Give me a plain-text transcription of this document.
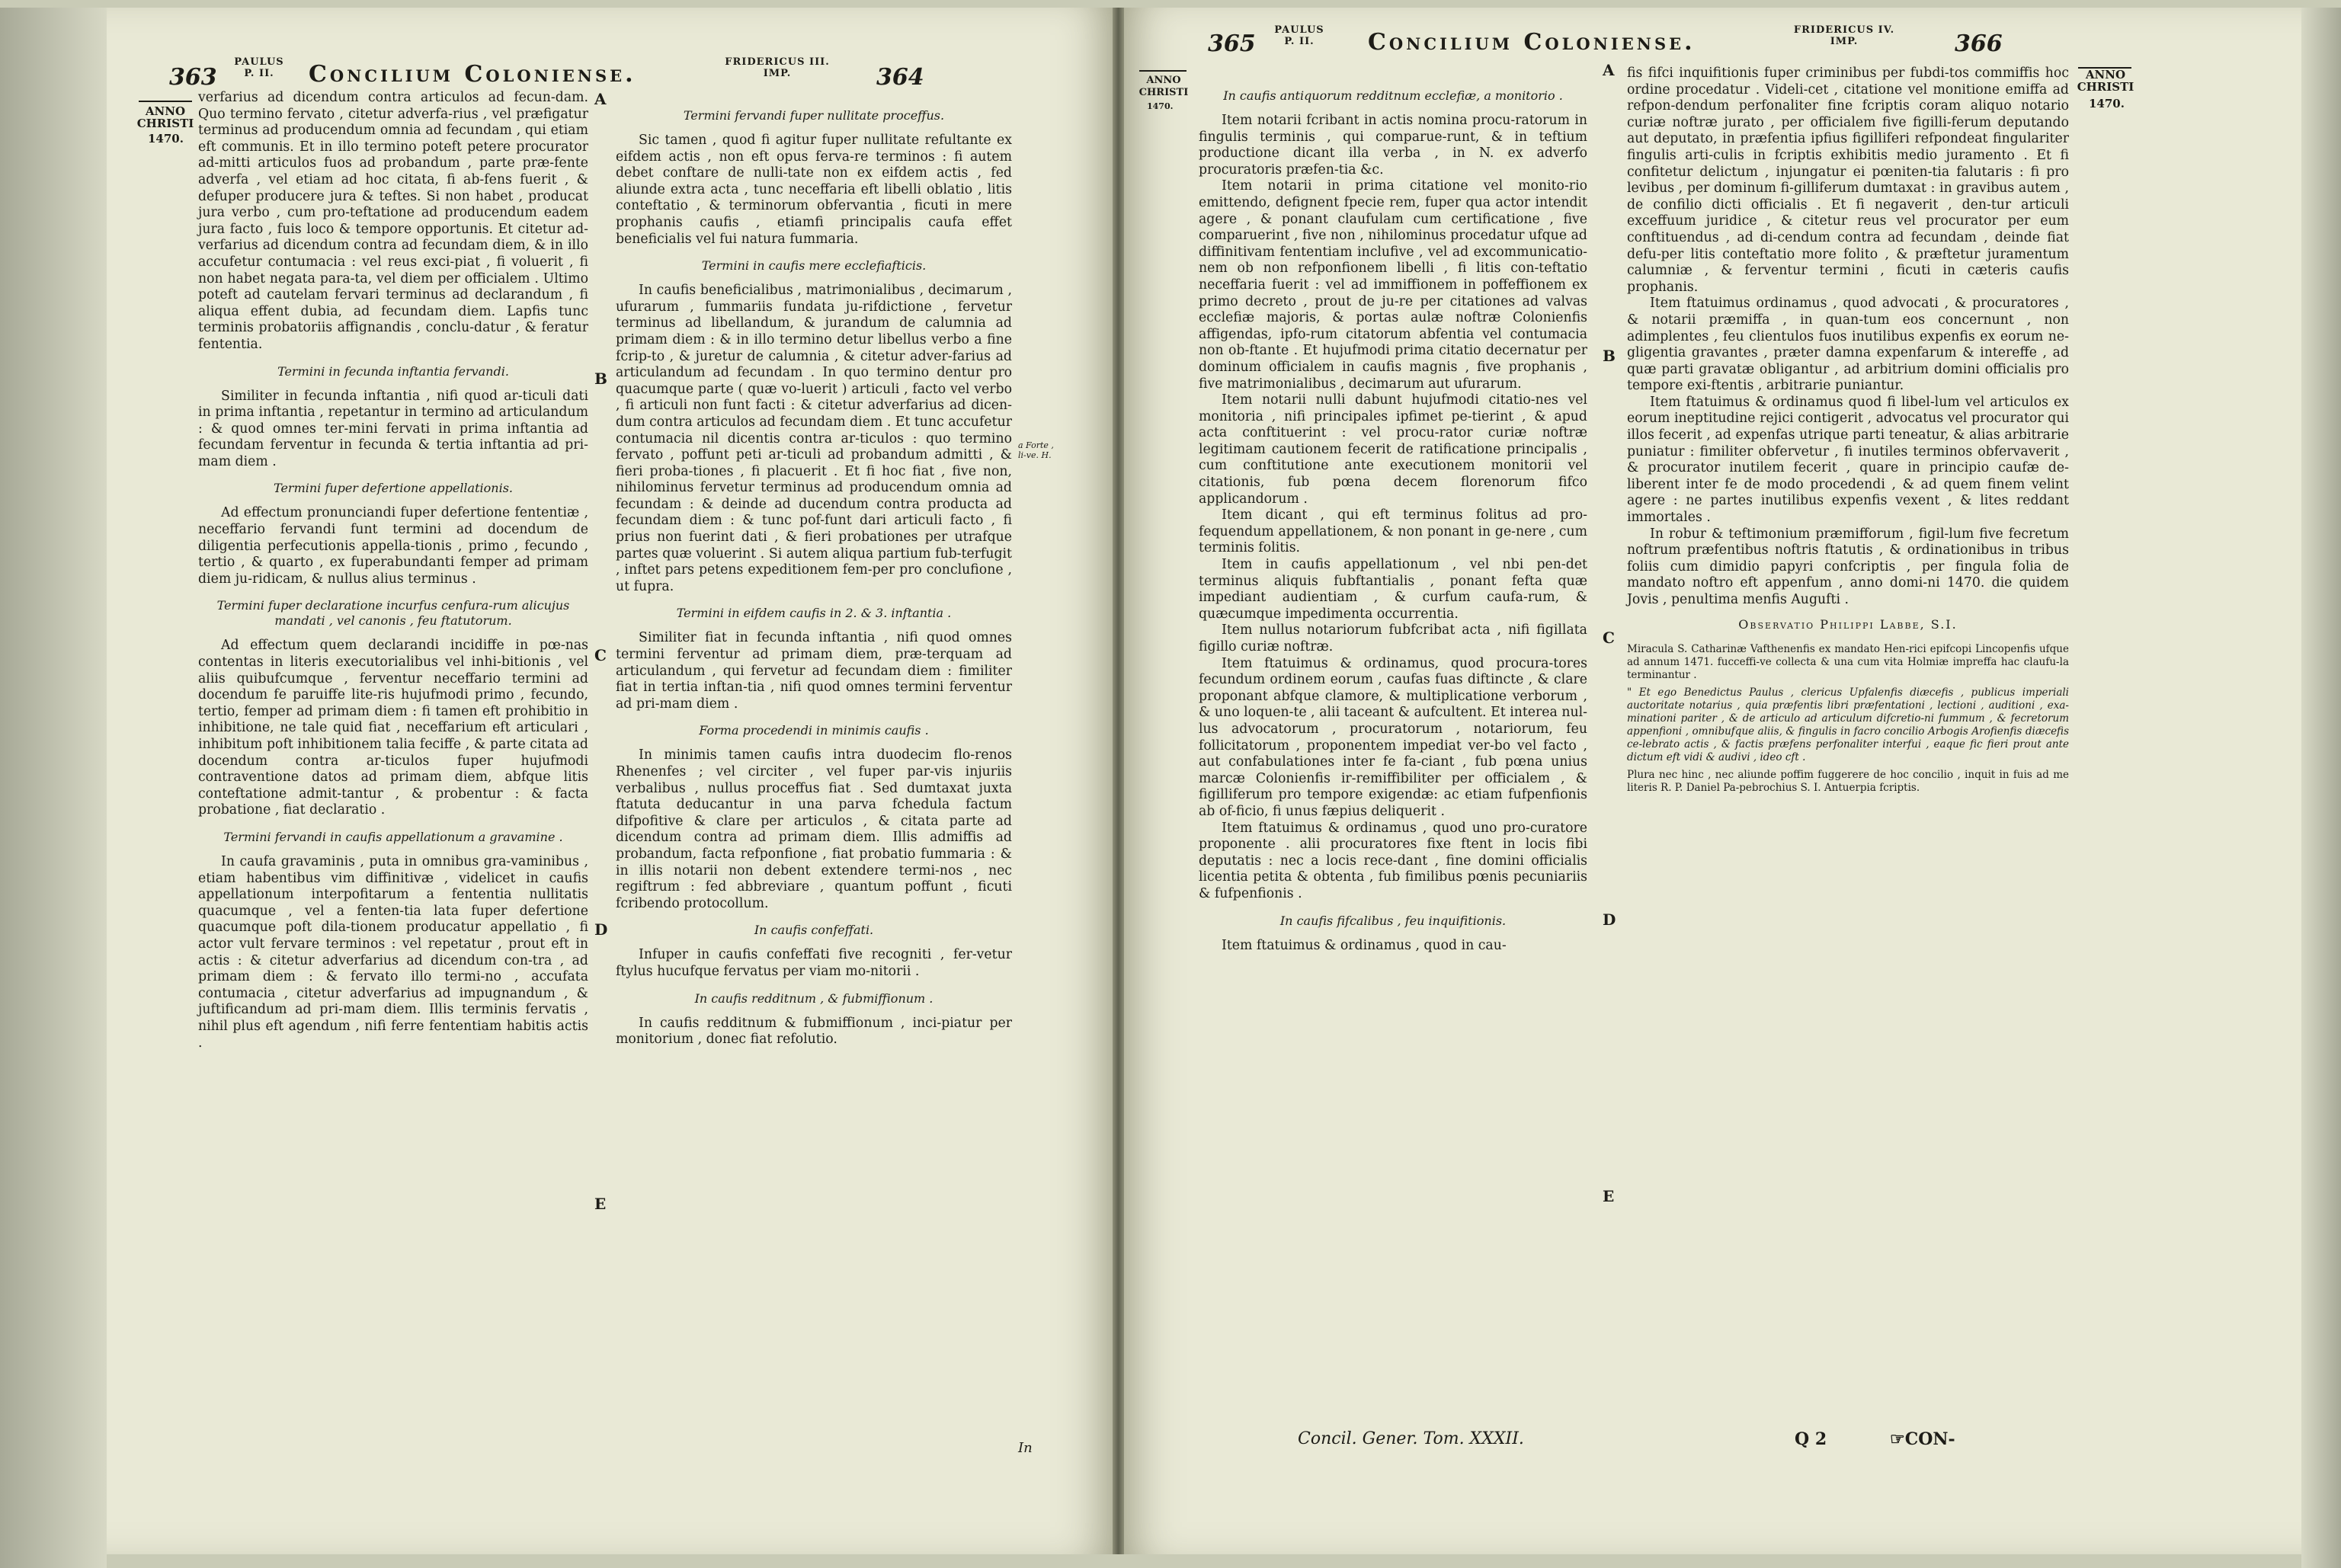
363
PAULUS
P. II.	Concilium Coloniense.	FRIDERICUS III.
IMP.	364
ANNO
CHRISTI
1470.

verfarius ad dicendum contra articulos ad fecun-dam. Quo termino fervato , citetur adverfa-rius , vel præfigatur terminus ad producendum omnia ad fecundam , qui etiam eft communis. Et in illo termino poteft petere procurator ad-mitti articulos fuos ad probandum , parte præ-fente adverfa , vel etiam ad hoc citata, fi ab-fens fuerit , & defuper producere jura & teftes. Si non habet , producat jura verbo , cum pro-teftatione ad producendum eadem jura facto , fuis loco & tempore opportunis. Et citetur ad-verfarius ad dicendum contra ad fecundam diem, & in illo accufetur contumacia : vel reus exci-piat , fi voluerit , fi non habet negata para-ta, vel diem per officialem . Ultimo poteft ad cautelam fervari terminus ad declarandum , fi aliqua effent dubia, ad fecundam diem. Lapfis tunc terminis probatoriis affignandis , conclu-datur , & feratur fententia.

Termini in fecunda inftantia fervandi.

Similiter in fecunda inftantia , nifi quod ar-ticuli dati in prima inftantia , repetantur in termino ad articulandum : & quod omnes ter-mini fervati in prima inftantia ad fecundam ferventur in fecunda & tertia inftantia ad pri-mam diem .

Termini fuper defertione appellationis.

Ad effectum pronunciandi fuper defertione fententiæ , neceffario fervandi funt termini ad docendum de diligentia perfecutionis appella-tionis , primo , fecundo , tertio , & quarto , ex fuperabundanti femper ad primam diem ju-ridicam, & nullus alius terminus .

Termini fuper declaratione incurfus cenfura-rum alicujus mandati , vel canonis , feu ftatutorum.

Ad effectum quem declarandi incidiffe in pœ-nas contentas in literis executorialibus vel inhi-bitionis , vel aliis quibufcumque , ferventur neceffario termini ad docendum fe paruiffe lite-ris hujufmodi primo , fecundo, tertio, femper ad primam diem : fi tamen eft prohibitio in inhibitione, ne tale quid fiat , neceffarium eft articulari , inhibitum poft inhibitionem talia feciffe , & parte citata ad docendum contra ar-ticulos fuper hujufmodi contraventione datos ad primam diem, abfque litis conteftatione admit-tantur , & probentur : & facta probatione , fiat declaratio .

Termini fervandi in caufis appellationum a gravamine .

In caufa gravaminis , puta in omnibus gra-vaminibus , etiam habentibus vim diffinitivæ , videlicet in caufis appellationum interpofitarum a fententia nullitatis quacumque , vel a fenten-tia lata fuper defertione quacumque poft dila-tionem producatur appellatio , fi actor vult fervare terminos : vel repetatur , prout eft in actis : & citetur adverfarius ad dicendum con-tra , ad primam diem : & fervato illo termi-no , accufata contumacia , citetur adverfarius ad impugnandum , & juftificandum ad pri-mam diem. Illis terminis fervatis , nihil plus eft agendum , nifi ferre fententiam habitis actis .

A
B
C
D
E
Termini fervandi fuper nullitate proceffus.

Sic tamen , quod fi agitur fuper nullitate refultante ex eifdem actis , non eft opus ferva-re terminos : fi autem debet conftare de nulli-tate non ex eifdem actis , fed aliunde extra acta , tunc neceffaria eft libelli oblatio , litis conteftatio , & terminorum obfervantia , ficuti in mere prophanis caufis , etiamfi principalis caufa effet beneficialis vel fui natura fummaria.

Termini in caufis mere ecclefiafticis.

In caufis beneficialibus , matrimonialibus , decimarum , ufurarum , fummariis fundata ju-rifdictione , fervetur terminus ad libellandum, & jurandum de calumnia ad primam diem : & in illo termino detur libellus verbo a fine fcrip-to , & juretur de calumnia , & citetur adver-farius ad articulandum ad fecundam . In quo termino dentur pro quacumque parte ( quæ vo-luerit ) articuli , facto vel verbo , fi articuli non funt facti : & citetur adverfarius ad dicen-dum contra articulos ad fecundam diem . Et tunc accufetur contumacia nil dicentis contra ar-ticulos : quo termino fervato , poffunt peti ar-ticuli ad probandum admitti , & fieri proba-tiones , fi placuerit . Et fi hoc fiat , five non, nihilominus fervetur terminus ad producendum omnia ad fecundam : & deinde ad ducendum contra producta ad fecundam diem : & tunc pof-funt dari articuli facto , fi prius non fuerint dati , & fieri probationes per utrafque partes quæ voluerint . Si autem aliqua partium fub-terfugit , inftet pars petens expeditionem fem-per pro conclufione , ut fupra.

Termini in eifdem caufis in 2. & 3. inftantia .

Similiter fiat in fecunda inftantia , nifi quod omnes termini ferventur ad primam diem, præ-terquam ad articulandum , qui fervetur ad fecundam diem : fimiliter fiat in tertia inftan-tia , nifi quod omnes termini ferventur ad pri-mam diem .

Forma procedendi in minimis caufis .

In minimis tamen caufis intra duodecim flo-renos Rhenenfes ; vel circiter , vel fuper par-vis injuriis verbalibus , nullus proceffus fiat . Sed dumtaxat juxta ftatuta deducantur in una parva fchedula factum difpofitive & clare per articulos , & citata parte ad dicendum contra ad primam diem. Illis admiffis ad probandum, facta refponfione , fiat probatio fummaria : & in illis notarii non debent extendere termi-nos , nec regiftrum : fed abbreviare , quantum poffunt , ficuti fcribendo protocollum.

In caufis confeffati.

Infuper in caufis confeffati five recogniti , fer-vetur ftylus hucufque fervatus per viam mo-nitorii .

In caufis redditnum , & fubmiffionum .

In caufis redditnum & fubmiffionum , inci-piatur per monitorium , donec fiat refolutio.

a Forte , li-ve. H.
In
ANNO
CHRISTI
1470.
365
PAULUS
P. II.	Concilium Coloniense.	FRIDERICUS IV.
IMP.	366
ANNO
CHRISTI
1470.
In caufis antiquorum redditnum ecclefiæ, a monitorio .

Item notarii fcribant in actis nomina procu-ratorum in fingulis terminis , qui comparue-runt, & in teftium productione dicant illa verba , in N. ex adverfo procuratoris præfen-tia &c.

Item notarii in prima citatione vel monito-rio emittendo, defignent fpecie rem, fuper qua actor intendit agere , & ponant claufulam cum certificatione , five comparuerint , five non , nihilominus procedatur ufque ad diffinitivam fententiam inclufive , vel ad excommunicatio-nem ob non refponfionem libelli , fi litis con-teftatio neceffaria fuerit : vel ad immiffionem in poffeffionem ex primo decreto , prout de ju-re per citationes ad valvas ecclefiæ majoris, & portas aulæ noftræ Colonienfis affigendas, ipfo-rum citatorum abfentia vel contumacia non ob-ftante . Et hujufmodi prima citatio decernatur per dominum officialem in caufis magnis , five prophanis , five matrimonialibus , decimarum aut ufurarum.

Item notarii nulli dabunt hujufmodi citatio-nes vel monitoria , nifi principales ipfimet pe-tierint , & apud acta conftituerint : vel procu-rator curiæ noftræ legitimam cautionem fecerit de ratificatione principalis , cum conftitutione ante executionem monitorii vel citationis, fub pœna decem florenorum fifco applicandorum .

Item dicant , qui eft terminus folitus ad pro-fequendum appellationem, & non ponant in ge-nere , cum terminis folitis.

Item in caufis appellationum , vel nbi pen-det terminus aliquis fubftantialis , ponant fefta quæ impediant audientiam , & curfum caufa-rum, & quæcumque impedimenta occurrentia.

Item nullus notariorum fubfcribat acta , nifi figillata figillo curiæ noftræ.

Item ftatuimus & ordinamus, quod procura-tores fecundum ordinem eorum , caufas fuas diftincte , & clare proponant abfque clamore, & multiplicatione verborum , & uno loquen-te , alii taceant & aufcultent. Et interea nul-lus advocatorum , procuratorum , notariorum, feu follicitatorum , proponentem impediat ver-bo vel facto , aut confabulationes inter fe fa-ciant , fub pœna unius marcæ Colonienfis ir-remiffibiliter per officialem , & figilliferum pro tempore exigendæ: ac etiam fufpenfionis ab of-ficio, fi unus fæpius deliquerit .

Item ftatuimus & ordinamus , quod uno pro-curatore proponente . alii procuratores fixe ftent in locis fibi deputatis : nec a locis rece-dant , fine domini officialis licentia petita & obtenta , fub fimilibus pœnis pecuniariis & fufpenfionis .

In caufis fifcalibus , feu inquifitionis.

Item ftatuimus & ordinamus , quod in cau-

A
B
C
D
E

fis fifci inquifitionis fuper criminibus per fubdi-tos commiffis hoc ordine procedatur . Videli-cet , citatione vel monitione emiffa ad refpon-dendum perfonaliter fine fcriptis coram aliquo notario curiæ noftræ jurato , per officialem five figilli-ferum deputando aut deputato, in præfentia ipfius figilliferi refpondeat fingulariter fingulis arti-culis in fcriptis exhibitis medio juramento . Et fi confitetur delictum , injungatur ei pœniten-tia falutaris : fi pro levibus , per dominum fi-gilliferum dumtaxat : in gravibus autem , de confilio dicti officialis . Et fi negaverit , den-tur articuli exceffuum juridice , & citetur reus vel procurator per eum conftituendus , ad di-cendum contra ad fecundam , deinde fiat defu-per litis conteftatio more folito , & præftetur juramentum calumniæ , & ferventur termini , ficuti in cæteris caufis prophanis.

Item ftatuimus ordinamus , quod advocati , & procuratores , & notarii præmiffa , in quan-tum eos concernunt , non adimplentes , feu clientulos fuos inutilibus expenfis ex eorum ne-gligentia gravantes , præter damna expenfarum & intereffe , ad quæ parti gravatæ obligantur , ad arbitrium domini officialis pro tempore exi-ftentis , arbitrarie puniantur.

Item ftatuimus & ordinamus quod fi libel-lum vel articulos ex eorum ineptitudine rejici contigerit , advocatus vel procurator qui illos fecerit , ad expenfas utrique parti teneatur, & alias arbitrarie puniatur : fimiliter obfervetur , fi inutiles terminos obfervaverit , & procurator inutilem fecerit , quare in principio caufæ de-liberent inter fe de modo procedendi , & ad quem finem velint agere : ne partes inutilibus expenfis vexent , & lites reddant immortales .

In robur & teftimonium præmifforum , figil-lum five fecretum noftrum præfentibus noftris ftatutis , & ordinationibus in tribus foliis cum dimidio papyri confcriptis , per fingula folia de mandato noftro eft appenfum , anno domi-ni 1470. die quidem Jovis , penultima menfis Augufti .

Observatio Philippi Labbe, S.I.

Miracula S. Catharinæ Vafthenenfis ex mandato Hen-rici epifcopi Lincopenfis ufque ad annum 1471. fucceffi-ve collecta & una cum vita Holmiæ impreffa hac claufu-la terminantur .

" Et ego Benedictus Paulus , clericus Upfalenfis diæcefis , publicus imperiali auctoritate notarius , quia præfentis libri præfentationi , lectioni , auditioni , exa-minationi pariter , & de articulo ad articulum difcretio-ni fummum , & fecretorum appenfioni , omnibufque aliis, & fingulis in facro concilio Arbogis Arofienfis diæcefis ce-lebrato actis , & factis præfens perfonaliter interfui , eaque fic fieri prout ante dictum eft vidi & audivi , ideo cft .

Plura nec hinc , nec aliunde poffim fuggerere de hoc concilio , inquit in fuis ad me literis R. P. Daniel Pa-pebrochius S. I. Antuerpia fcriptis.

Concil. Gener. Tom. XXXII.	Q 2	☞CON-
